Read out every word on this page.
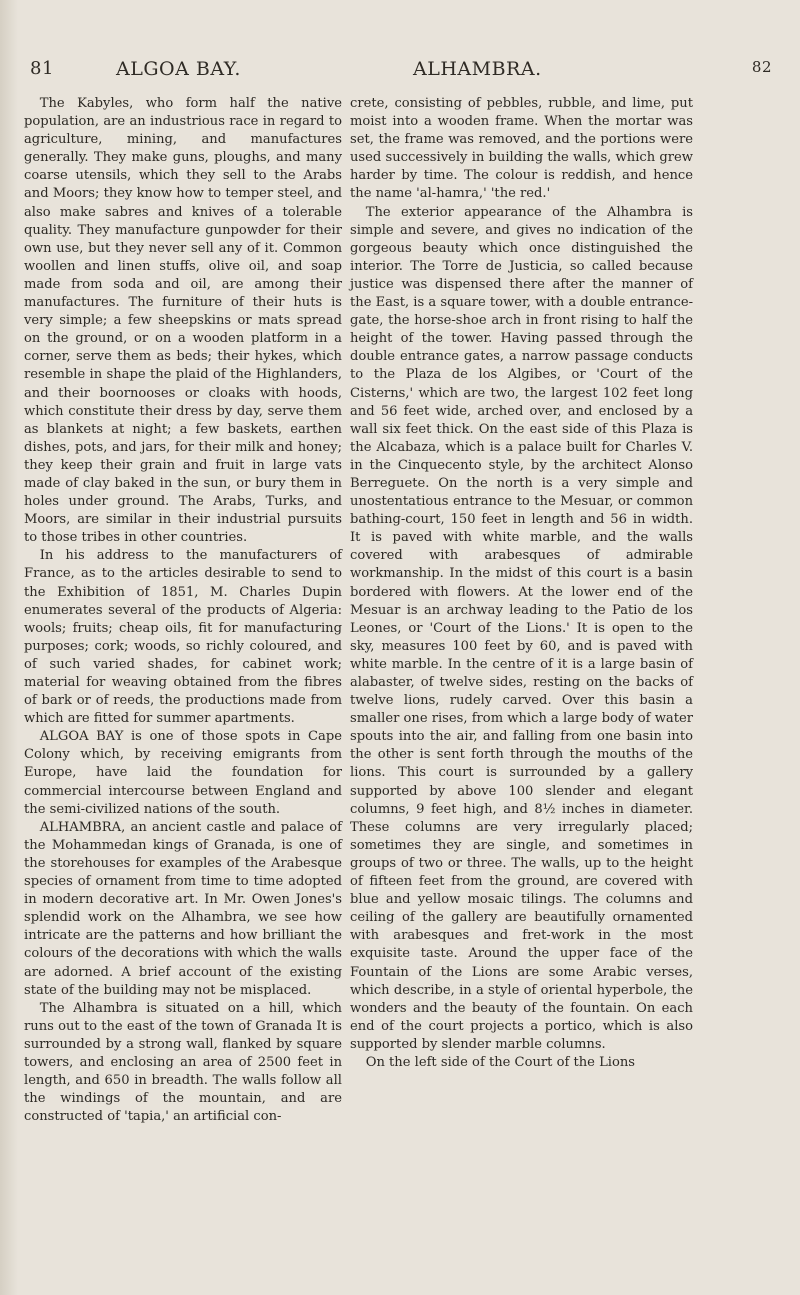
81	ALGOA BAY.	ALHAMBRA.	82

The Kabyles, who form half the native population, are an industrious race in regard to agriculture, mining, and manufactures generally. They make guns, ploughs, and many coarse utensils, which they sell to the Arabs and Moors; they know how to temper steel, and also make sabres and knives of a tolerable quality. They manufacture gunpowder for their own use, but they never sell any of it. Common woollen and linen stuffs, olive oil, and soap made from soda and oil, are among their manufactures. The furniture of their huts is very simple; a few sheepskins or mats spread on the ground, or on a wooden platform in a corner, serve them as beds; their hykes, which resemble in shape the plaid of the Highlanders, and their boornooses or cloaks with hoods, which constitute their dress by day, serve them as blankets at night; a few baskets, earthen dishes, pots, and jars, for their milk and honey; they keep their grain and fruit in large vats made of clay baked in the sun, or bury them in holes under ground. The Arabs, Turks, and Moors, are similar in their industrial pursuits to those tribes in other countries.

In his address to the manufacturers of France, as to the articles desirable to send to the Exhibition of 1851, M. Charles Dupin enumerates several of the products of Algeria: wools; fruits; cheap oils, fit for manufacturing purposes; cork; woods, so richly coloured, and of such varied shades, for cabinet work; material for weaving obtained from the fibres of bark or of reeds, the productions made from which are fitted for summer apartments.

ALGOA BAY is one of those spots in Cape Colony which, by receiving emigrants from Europe, have laid the foundation for commercial intercourse between England and the semi-civilized nations of the south.

ALHAMBRA, an ancient castle and palace of the Mohammedan kings of Granada, is one of the storehouses for examples of the Arabesque species of ornament from time to time adopted in modern decorative art. In Mr. Owen Jones's splendid work on the Alhambra, we see how intricate are the patterns and how brilliant the colours of the decorations with which the walls are adorned. A brief account of the existing state of the building may not be misplaced.

The Alhambra is situated on a hill, which runs out to the east of the town of Granada It is surrounded by a strong wall, flanked by square towers, and enclosing an area of 2500 feet in length, and 650 in breadth. The walls follow all the windings of the mountain, and are constructed of 'tapia,' an artificial con-

crete, consisting of pebbles, rubble, and lime, put moist into a wooden frame. When the mortar was set, the frame was removed, and the portions were used successively in building the walls, which grew harder by time. The colour is reddish, and hence the name 'al-hamra,' 'the red.'

The exterior appearance of the Alhambra is simple and severe, and gives no indication of the gorgeous beauty which once distinguished the interior. The Torre de Justicia, so called because justice was dispensed there after the manner of the East, is a square tower, with a double entrance-gate, the horse-shoe arch in front rising to half the height of the tower. Having passed through the double entrance gates, a narrow passage conducts to the Plaza de los Algibes, or 'Court of the Cisterns,' which are two, the largest 102 feet long and 56 feet wide, arched over, and enclosed by a wall six feet thick. On the east side of this Plaza is the Alcabaza, which is a palace built for Charles V. in the Cinquecento style, by the architect Alonso Berreguete. On the north is a very simple and unostentatious entrance to the Mesuar, or common bathing-court, 150 feet in length and 56 in width. It is paved with white marble, and the walls covered with arabesques of admirable workmanship. In the midst of this court is a basin bordered with flowers. At the lower end of the Mesuar is an archway leading to the Patio de los Leones, or 'Court of the Lions.' It is open to the sky, measures 100 feet by 60, and is paved with white marble. In the centre of it is a large basin of alabaster, of twelve sides, resting on the backs of twelve lions, rudely carved. Over this basin a smaller one rises, from which a large body of water spouts into the air, and falling from one basin into the other is sent forth through the mouths of the lions. This court is surrounded by a gallery supported by above 100 slender and elegant columns, 9 feet high, and 8½ inches in diameter. These columns are very irregularly placed; sometimes they are single, and sometimes in groups of two or three. The walls, up to the height of fifteen feet from the ground, are covered with blue and yellow mosaic tilings. The columns and ceiling of the gallery are beautifully ornamented with arabesques and fret-work in the most exquisite taste. Around the upper face of the Fountain of the Lions are some Arabic verses, which describe, in a style of oriental hyperbole, the wonders and the beauty of the fountain. On each end of the court projects a portico, which is also supported by slender marble columns.

On the left side of the Court of the Lions
